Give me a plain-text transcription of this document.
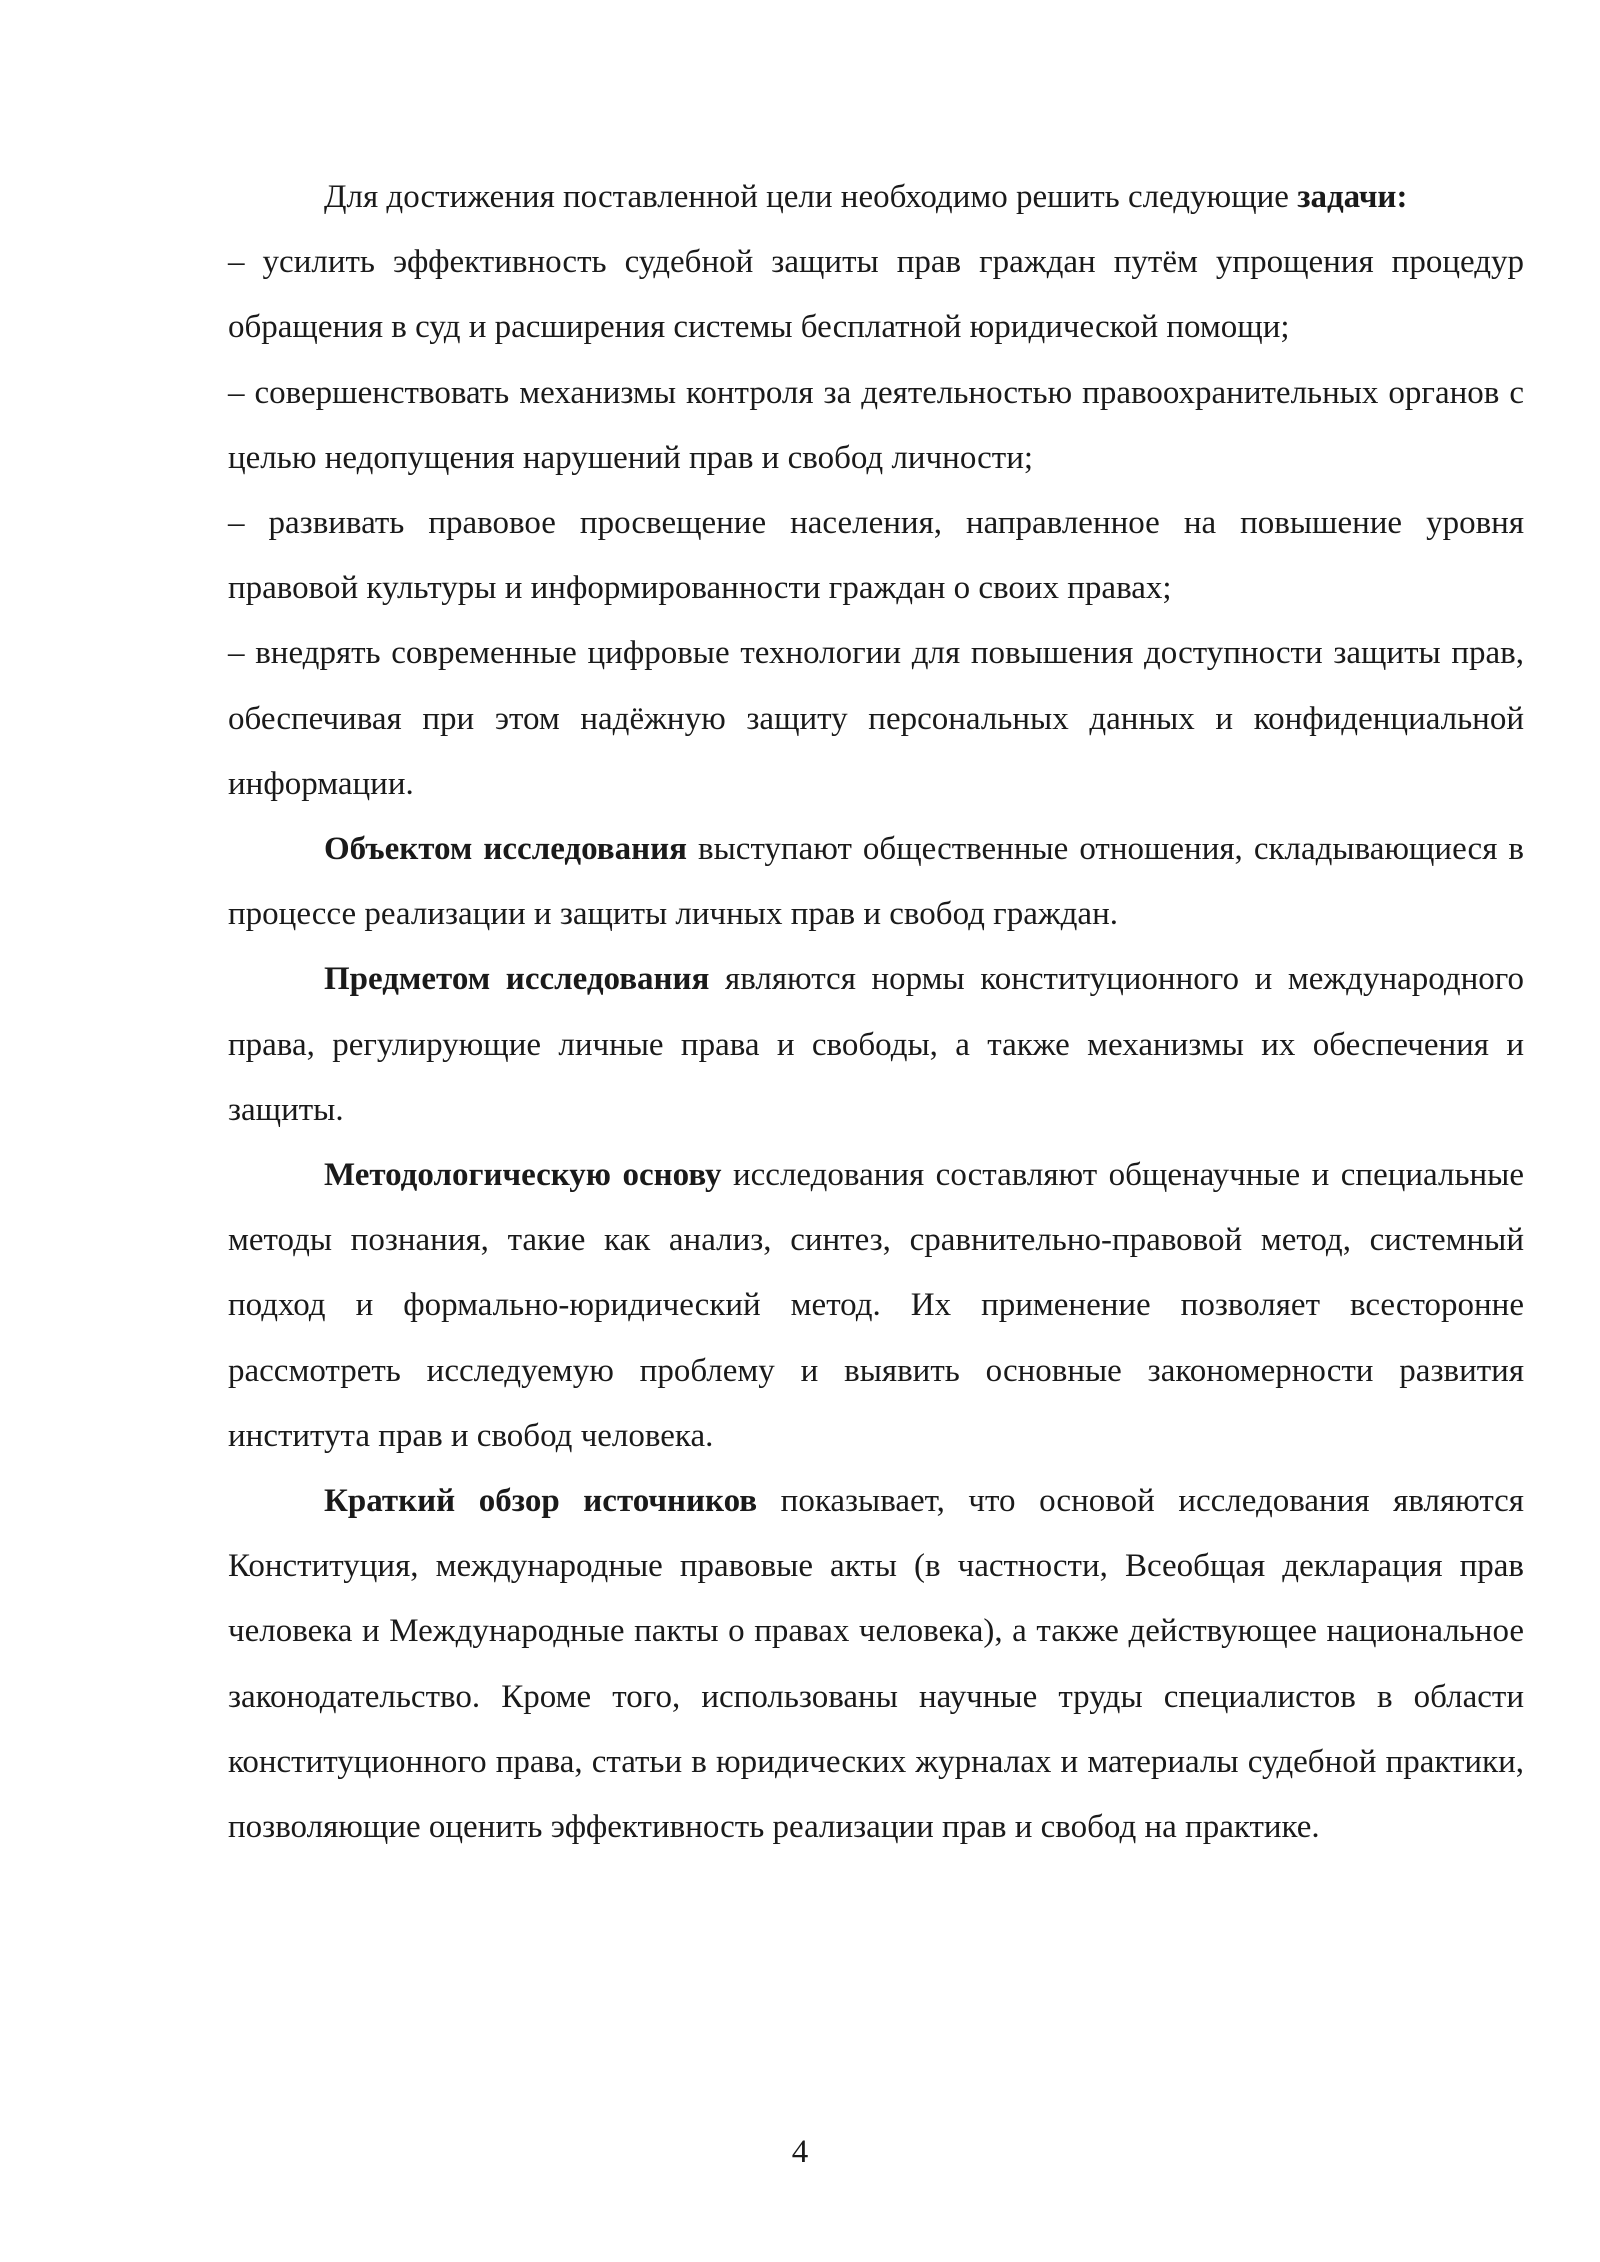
Для достижения поставленной цели необходимо решить следующие задачи:

– усилить эффективность судебной защиты прав граждан путём упрощения процедур обращения в суд и расширения системы бесплатной юридической помощи;

– совершенствовать механизмы контроля за деятельностью правоохранительных органов с целью недопущения нарушений прав и свобод личности;

– развивать правовое просвещение населения, направленное на повышение уровня правовой культуры и информированности граждан о своих правах;

– внедрять современные цифровые технологии для повышения доступности защиты прав, обеспечивая при этом надёжную защиту персональных данных и конфиденциальной информации.

Объектом исследования выступают общественные отношения, складывающиеся в процессе реализации и защиты личных прав и свобод граждан.

Предметом исследования являются нормы конституционного и международного права, регулирующие личные права и свободы, а также механизмы их обеспечения и защиты.

Методологическую основу исследования составляют общенаучные и специальные методы познания, такие как анализ, синтез, сравнительно-правовой метод, системный подход и формально-юридический метод. Их применение позволяет всесторонне рассмотреть исследуемую проблему и выявить основные закономерности развития института прав и свобод человека.

Краткий обзор источников показывает, что основой исследования являются Конституция, международные правовые акты (в частности, Всеобщая декларация прав человека и Международные пакты о правах человека), а также действующее национальное законодательство. Кроме того, использованы научные труды специалистов в области конституционного права, статьи в юридических журналах и материалы судебной практики, позволяющие оценить эффективность реализации прав и свобод на практике.

4
